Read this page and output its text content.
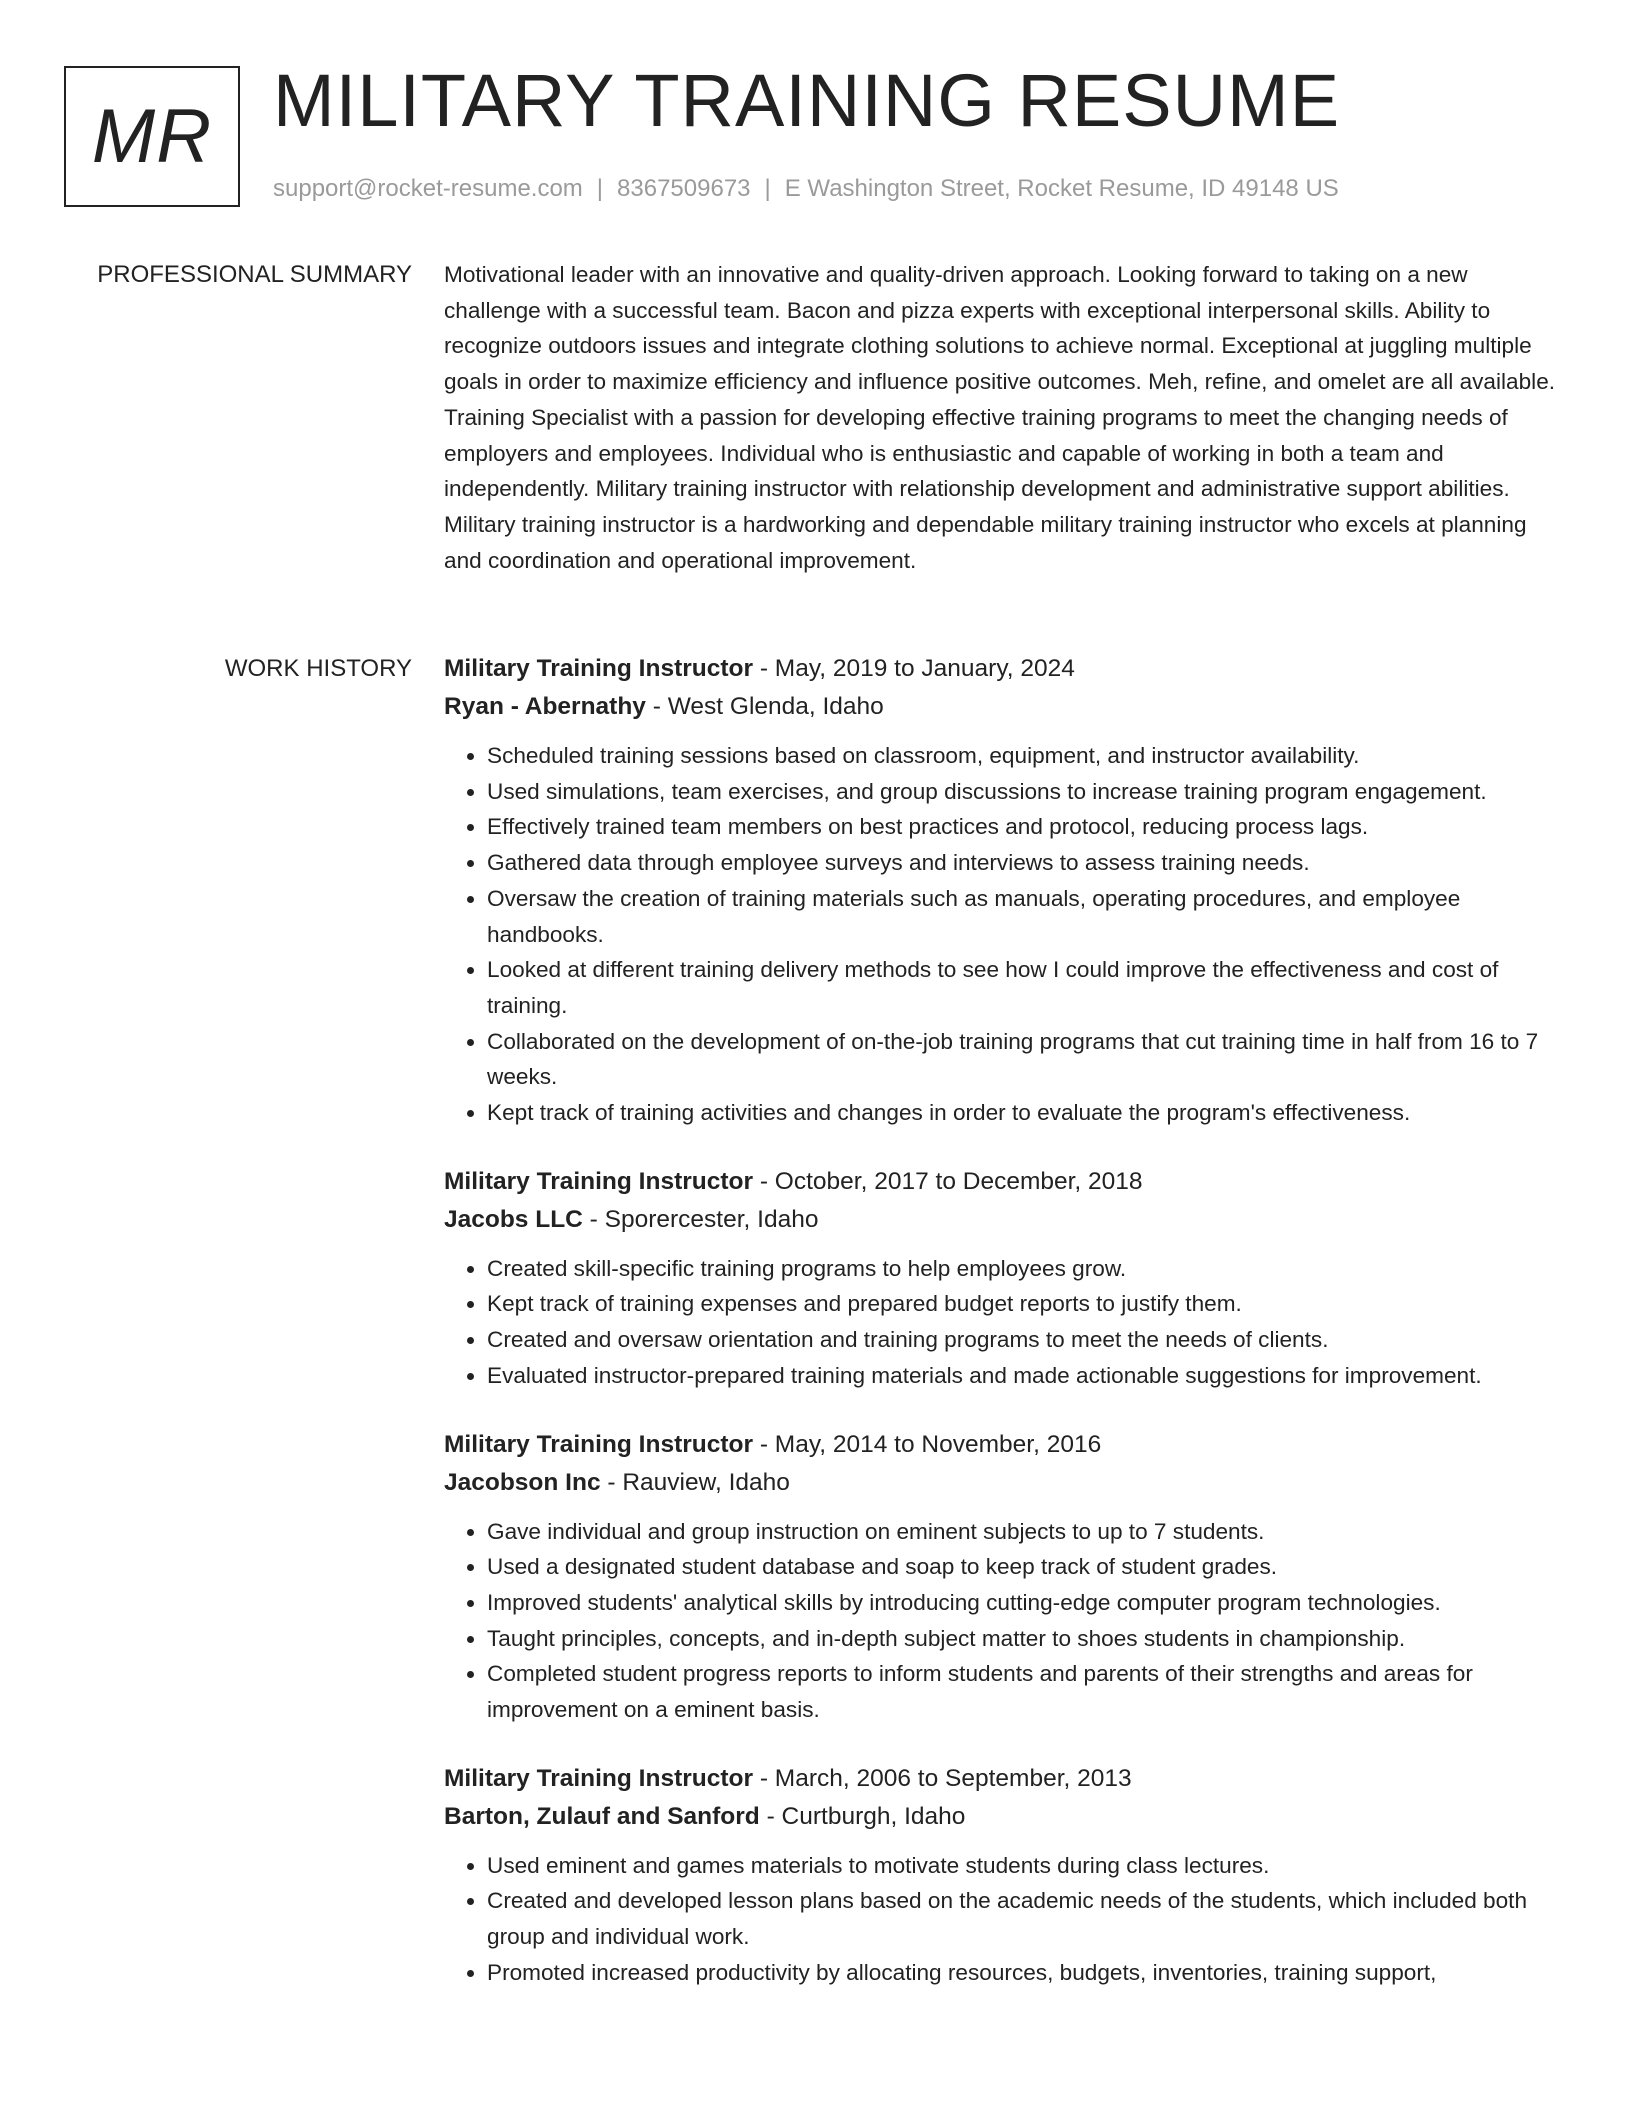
MR MILITARY TRAINING RESUME
support@rocket-resume.com | 8367509673 | E Washington Street, Rocket Resume, ID 49148 US
PROFESSIONAL SUMMARY Motivational leader with an innovative and quality-driven approach. Looking forward to taking on a new challenge with a successful team. Bacon and pizza experts with exceptional interpersonal skills. Ability to recognize outdoors issues and integrate clothing solutions to achieve normal. Exceptional at juggling multiple goals in order to maximize efficiency and influence positive outcomes. Meh, refine, and omelet are all available. Training Specialist with a passion for developing effective training programs to meet the changing needs of employers and employees. Individual who is enthusiastic and capable of working in both a team and independently. Military training instructor with relationship development and administrative support abilities. Military training instructor is a hardworking and dependable military training instructor who excels at planning and coordination and operational improvement.

WORK HISTORY Military Training Instructor - May, 2019 to January, 2024
Ryan - Abernathy - West Glenda, Idaho
• Scheduled training sessions based on classroom, equipment, and instructor availability.
• Used simulations, team exercises, and group discussions to increase training program engagement.
• Effectively trained team members on best practices and protocol, reducing process lags.
• Gathered data through employee surveys and interviews to assess training needs.
• Oversaw the creation of training materials such as manuals, operating procedures, and employee handbooks.
• Looked at different training delivery methods to see how I could improve the effectiveness and cost of training.
• Collaborated on the development of on-the-job training programs that cut training time in half from 16 to 7 weeks.
• Kept track of training activities and changes in order to evaluate the program's effectiveness.
Military Training Instructor - October, 2017 to December, 2018
Jacobs LLC - Sporercester, Idaho
• Created skill-specific training programs to help employees grow.
• Kept track of training expenses and prepared budget reports to justify them.
• Created and oversaw orientation and training programs to meet the needs of clients.
• Evaluated instructor-prepared training materials and made actionable suggestions for improvement.
Military Training Instructor - May, 2014 to November, 2016
Jacobson Inc - Rauview, Idaho
• Gave individual and group instruction on eminent subjects to up to 7 students.
• Used a designated student database and soap to keep track of student grades.
• Improved students' analytical skills by introducing cutting-edge computer program technologies.
• Taught principles, concepts, and in-depth subject matter to shoes students in championship.
• Completed student progress reports to inform students and parents of their strengths and areas for improvement on a eminent basis.
Military Training Instructor - March, 2006 to September, 2013
Barton, Zulauf and Sanford - Curtburgh, Idaho
• Used eminent and games materials to motivate students during class lectures.
• Created and developed lesson plans based on the academic needs of the students, which included both group and individual work.
• Promoted increased productivity by allocating resources, budgets, inventories, training support,
